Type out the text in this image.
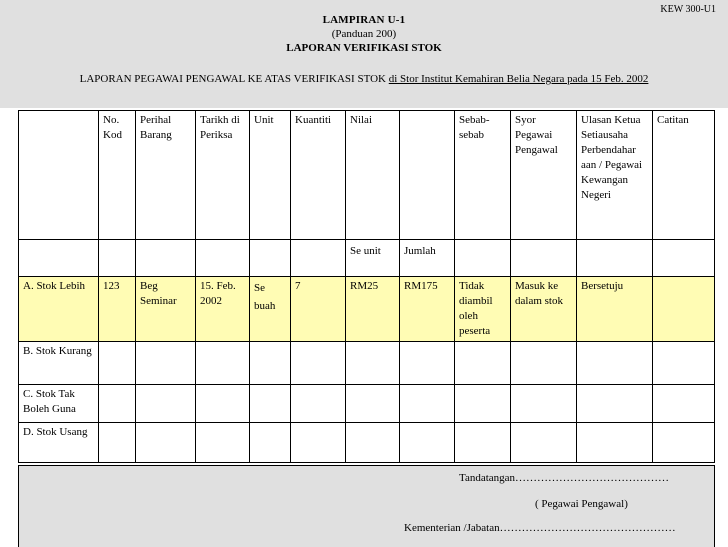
KEW 300-U1
LAMPIRAN U-1
(Panduan 200)
LAPORAN VERIFIKASI STOK
LAPORAN PEGAWAI PENGAWAL KE ATAS VERIFIKASI STOK di Stor Institut Kemahiran Belia Negara pada 15 Feb. 2002
	No. Kod	Perihal Barang	Tarikh di Periksa	Unit	Kuantiti	Nilai		Sebab-sebab	Syor Pegawai Pengawal	Ulasan Ketua Setiausaha Perbendahar aan / Pegawai Kewangan Negeri	Catitan
						Se unit	Jumlah				
A. Stok Lebih	123	Beg Seminar	15. Feb. 2002	Se buah	7	RM25	RM175	Tidak diambil oleh peserta	Masuk ke dalam stok	Bersetuju	
B. Stok Kurang											
C. Stok Tak Boleh Guna											
D. Stok Usang											
Tandatangan……………………………………
( Pegawai Pengawal)
Kementerian /Jabatan…………………………………………
